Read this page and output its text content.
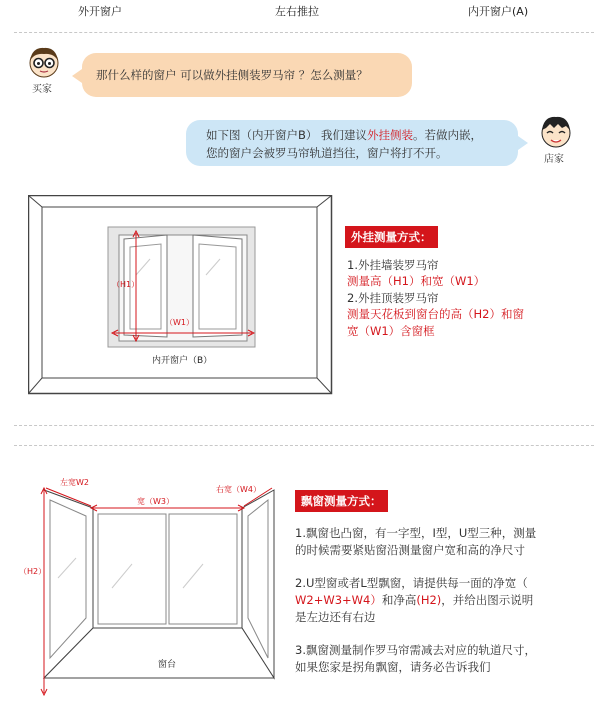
外开窗户	左右推拉	内开窗户(A)
买家
那什么样的窗户 可以做外挂侧装罗马帘 ？怎么测量？
如下图（内开窗户B） 我们建议外挂侧装。若做内嵌，
您的窗户会被罗马帘轨道挡往，窗户将打不开。	店家
（H1）
（W1）
内开窗户（B）
外挂测量方式：
1.外挂墙装罗马帘
测量高（H1）和宽（W1）
2.外挂顶装罗马帘
测量天花板到窗台的高（H2）和窗
宽（W1）含窗框
左宽W2
右宽（W4）
宽（W3）
（H2）
窗台
飘窗测量方式：
1.飘窗也凸窗，有一字型，I型，U型三种，测量
的时候需要紧贴窗沿测量窗户宽和高的净尺寸
2.U型窗或者L型飘窗，请提供每一面的净宽（
W2+W3+W4）和净高(H2)，并给出图示说明
是左边还有右边
3.飘窗测量制作罗马帘需减去对应的轨道尺寸，
如果您家是拐角飘窗，请务必告诉我们
